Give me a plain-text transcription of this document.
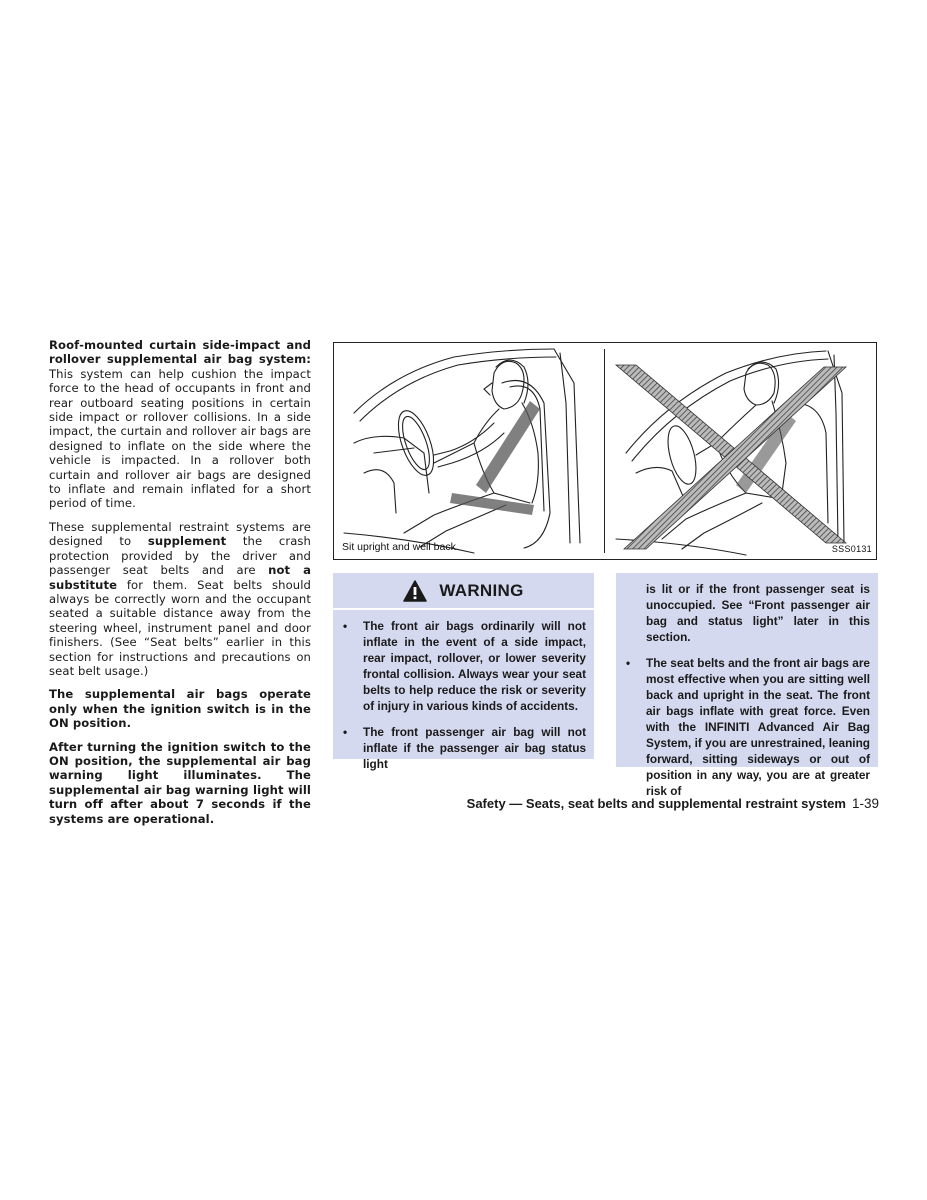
Roof-mounted curtain side-impact and rollover supplemental air bag system: This system can help cushion the impact force to the head of occupants in front and rear outboard seating positions in certain side impact or rollover collisions. In a side impact, the curtain and rollover air bags are designed to inflate on the side where the vehicle is impacted. In a rollover both curtain and rollover air bags are designed to inflate and remain inflated for a short period of time.

These supplemental restraint systems are designed to supplement the crash protection provided by the driver and passenger seat belts and are not a substitute for them. Seat belts should always be correctly worn and the occupant seated a suitable distance away from the steering wheel, instrument panel and door finishers. (See “Seat belts” earlier in this section for instructions and precautions on seat belt usage.)

The supplemental air bags operate only when the ignition switch is in the ON position.

After turning the ignition switch to the ON position, the supplemental air bag warning light illuminates. The supplemental air bag warning light will turn off after about 7 seconds if the systems are operational.

Sit upright and well back.	SSS0131
WARNING
• The front air bags ordinarily will not inflate in the event of a side impact, rear impact, rollover, or lower severity frontal collision. Always wear your seat belts to help reduce the risk or severity of injury in various kinds of accidents.
• The front passenger air bag will not inflate if the passenger air bag status light
is lit or if the front passenger seat is unoccupied. See “Front passenger air bag and status light” later in this section.
• The seat belts and the front air bags are most effective when you are sitting well back and upright in the seat. The front air bags inflate with great force. Even with the INFINITI Advanced Air Bag System, if you are unrestrained, leaning forward, sitting sideways or out of position in any way, you are at greater risk of
Safety — Seats, seat belts and supplemental restraint system 1-39
